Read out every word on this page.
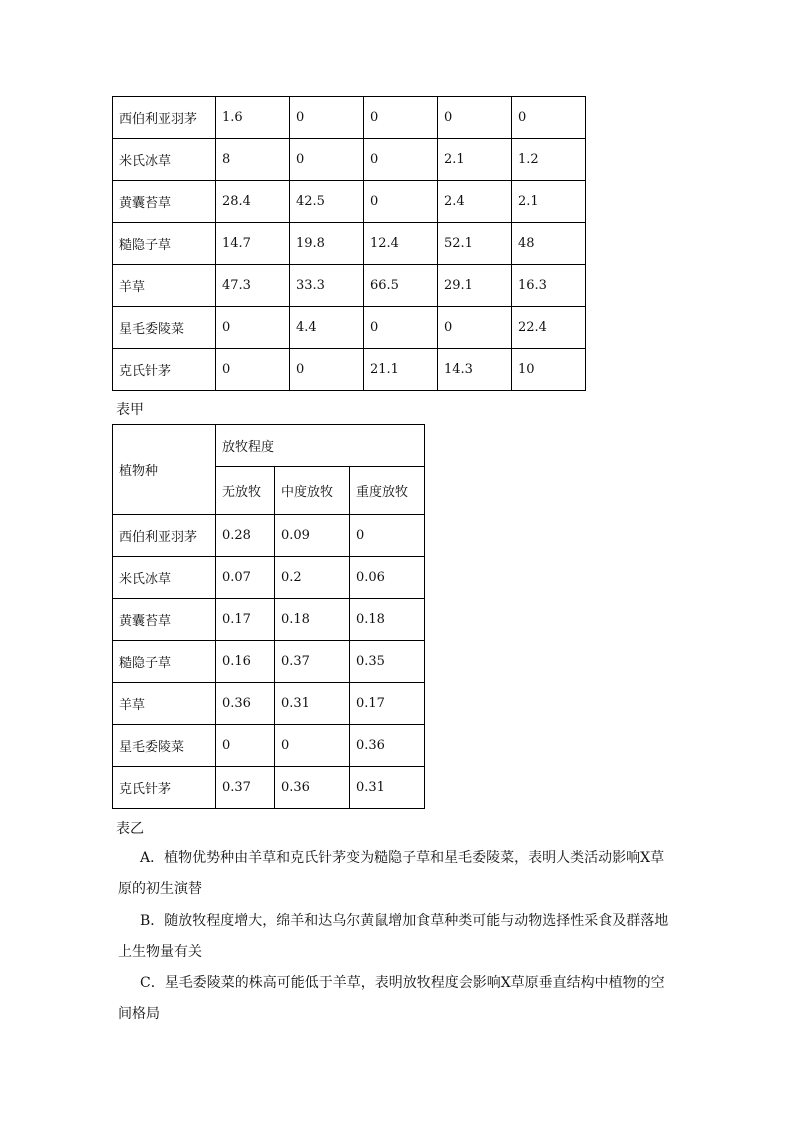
西伯利亚羽茅	1.6	0	0	0	0
米氏冰草	8	0	0	2.1	1.2
黄囊苔草	28.4	42.5	0	2.4	2.1
糙隐子草	14.7	19.8	12.4	52.1	48
羊草	47.3	33.3	66.5	29.1	16.3
星毛委陵菜	0	4.4	0	0	22.4
克氏针茅	0	0	21.1	14.3	10
表甲
植物种	放牧程度		
	无放牧	中度放牧	重度放牧
西伯利亚羽茅	0.28	0.09	0
米氏冰草	0.07	0.2	0.06
黄囊苔草	0.17	0.18	0.18
糙隐子草	0.16	0.37	0.35
羊草	0.36	0.31	0.17
星毛委陵菜	0	0	0.36
克氏针茅	0.37	0.36	0.31
表乙

A．植物优势种由羊草和克氏针茅变为糙隐子草和星毛委陵菜，表明人类活动影响X草原的初生演替

B．随放牧程度增大，绵羊和达乌尔黄鼠增加食草种类可能与动物选择性采食及群落地上生物量有关

C．星毛委陵菜的株高可能低于羊草，表明放牧程度会影响X草原垂直结构中植物的空间格局
